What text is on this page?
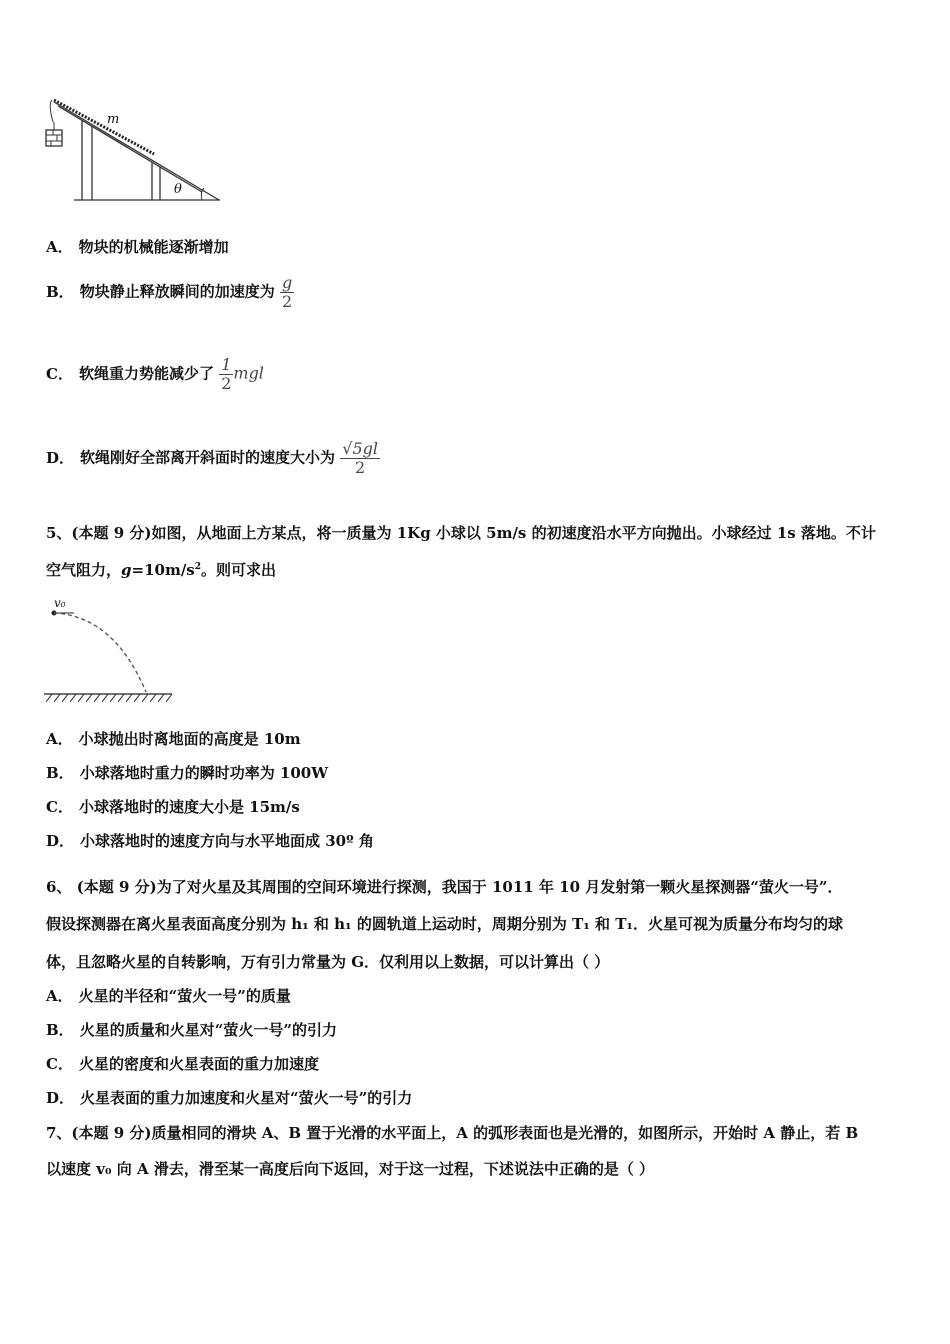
m
θ
A． 物块的机械能逐渐增加
B． 物块静止释放瞬间的加速度为 $\frac{g}{2}$
C． 软绳重力势能减少了 $\frac{1}{2}$ mgl
D． 软绳刚好全部离开斜面时的速度大小为 $\frac{√5gl}{2}$
5、(本题 9 分)如图，从地面上方某点，将一质量为 1Kg 小球以 5m/s 的初速度沿水平方向抛出。小球经过 1s 落地。不计
空气阻力，$g=10m/s^2$。则可求出
v₀
A． 小球抛出时离地面的高度是 10m
B． 小球落地时重力的瞬时功率为 100W
C． 小球落地时的速度大小是 15m/s
D． 小球落地时的速度方向与水平地面成 30º 角
6、 (本题 9 分)为了对火星及其周围的空间环境进行探测，我国于 1011 年 10 月发射第一颗火星探测器“萤火一号”．
假设探测器在离火星表面高度分别为 h₁ 和 h₁ 的圆轨道上运动时，周期分别为 T₁ 和 T₁．火星可视为质量分布均匀的球
体，且忽略火星的自转影响，万有引力常量为 G．仅利用以上数据，可以计算出（ ）
A． 火星的半径和“萤火一号”的质量
B． 火星的质量和火星对“萤火一号”的引力
C． 火星的密度和火星表面的重力加速度
D． 火星表面的重力加速度和火星对“萤火一号”的引力
7、(本题 9 分)质量相同的滑块 A、B 置于光滑的水平面上，A 的弧形表面也是光滑的，如图所示，开始时 A 静止，若 B
以速度 v₀ 向 A 滑去，滑至某一高度后向下返回，对于这一过程，下述说法中正确的是（ ）
